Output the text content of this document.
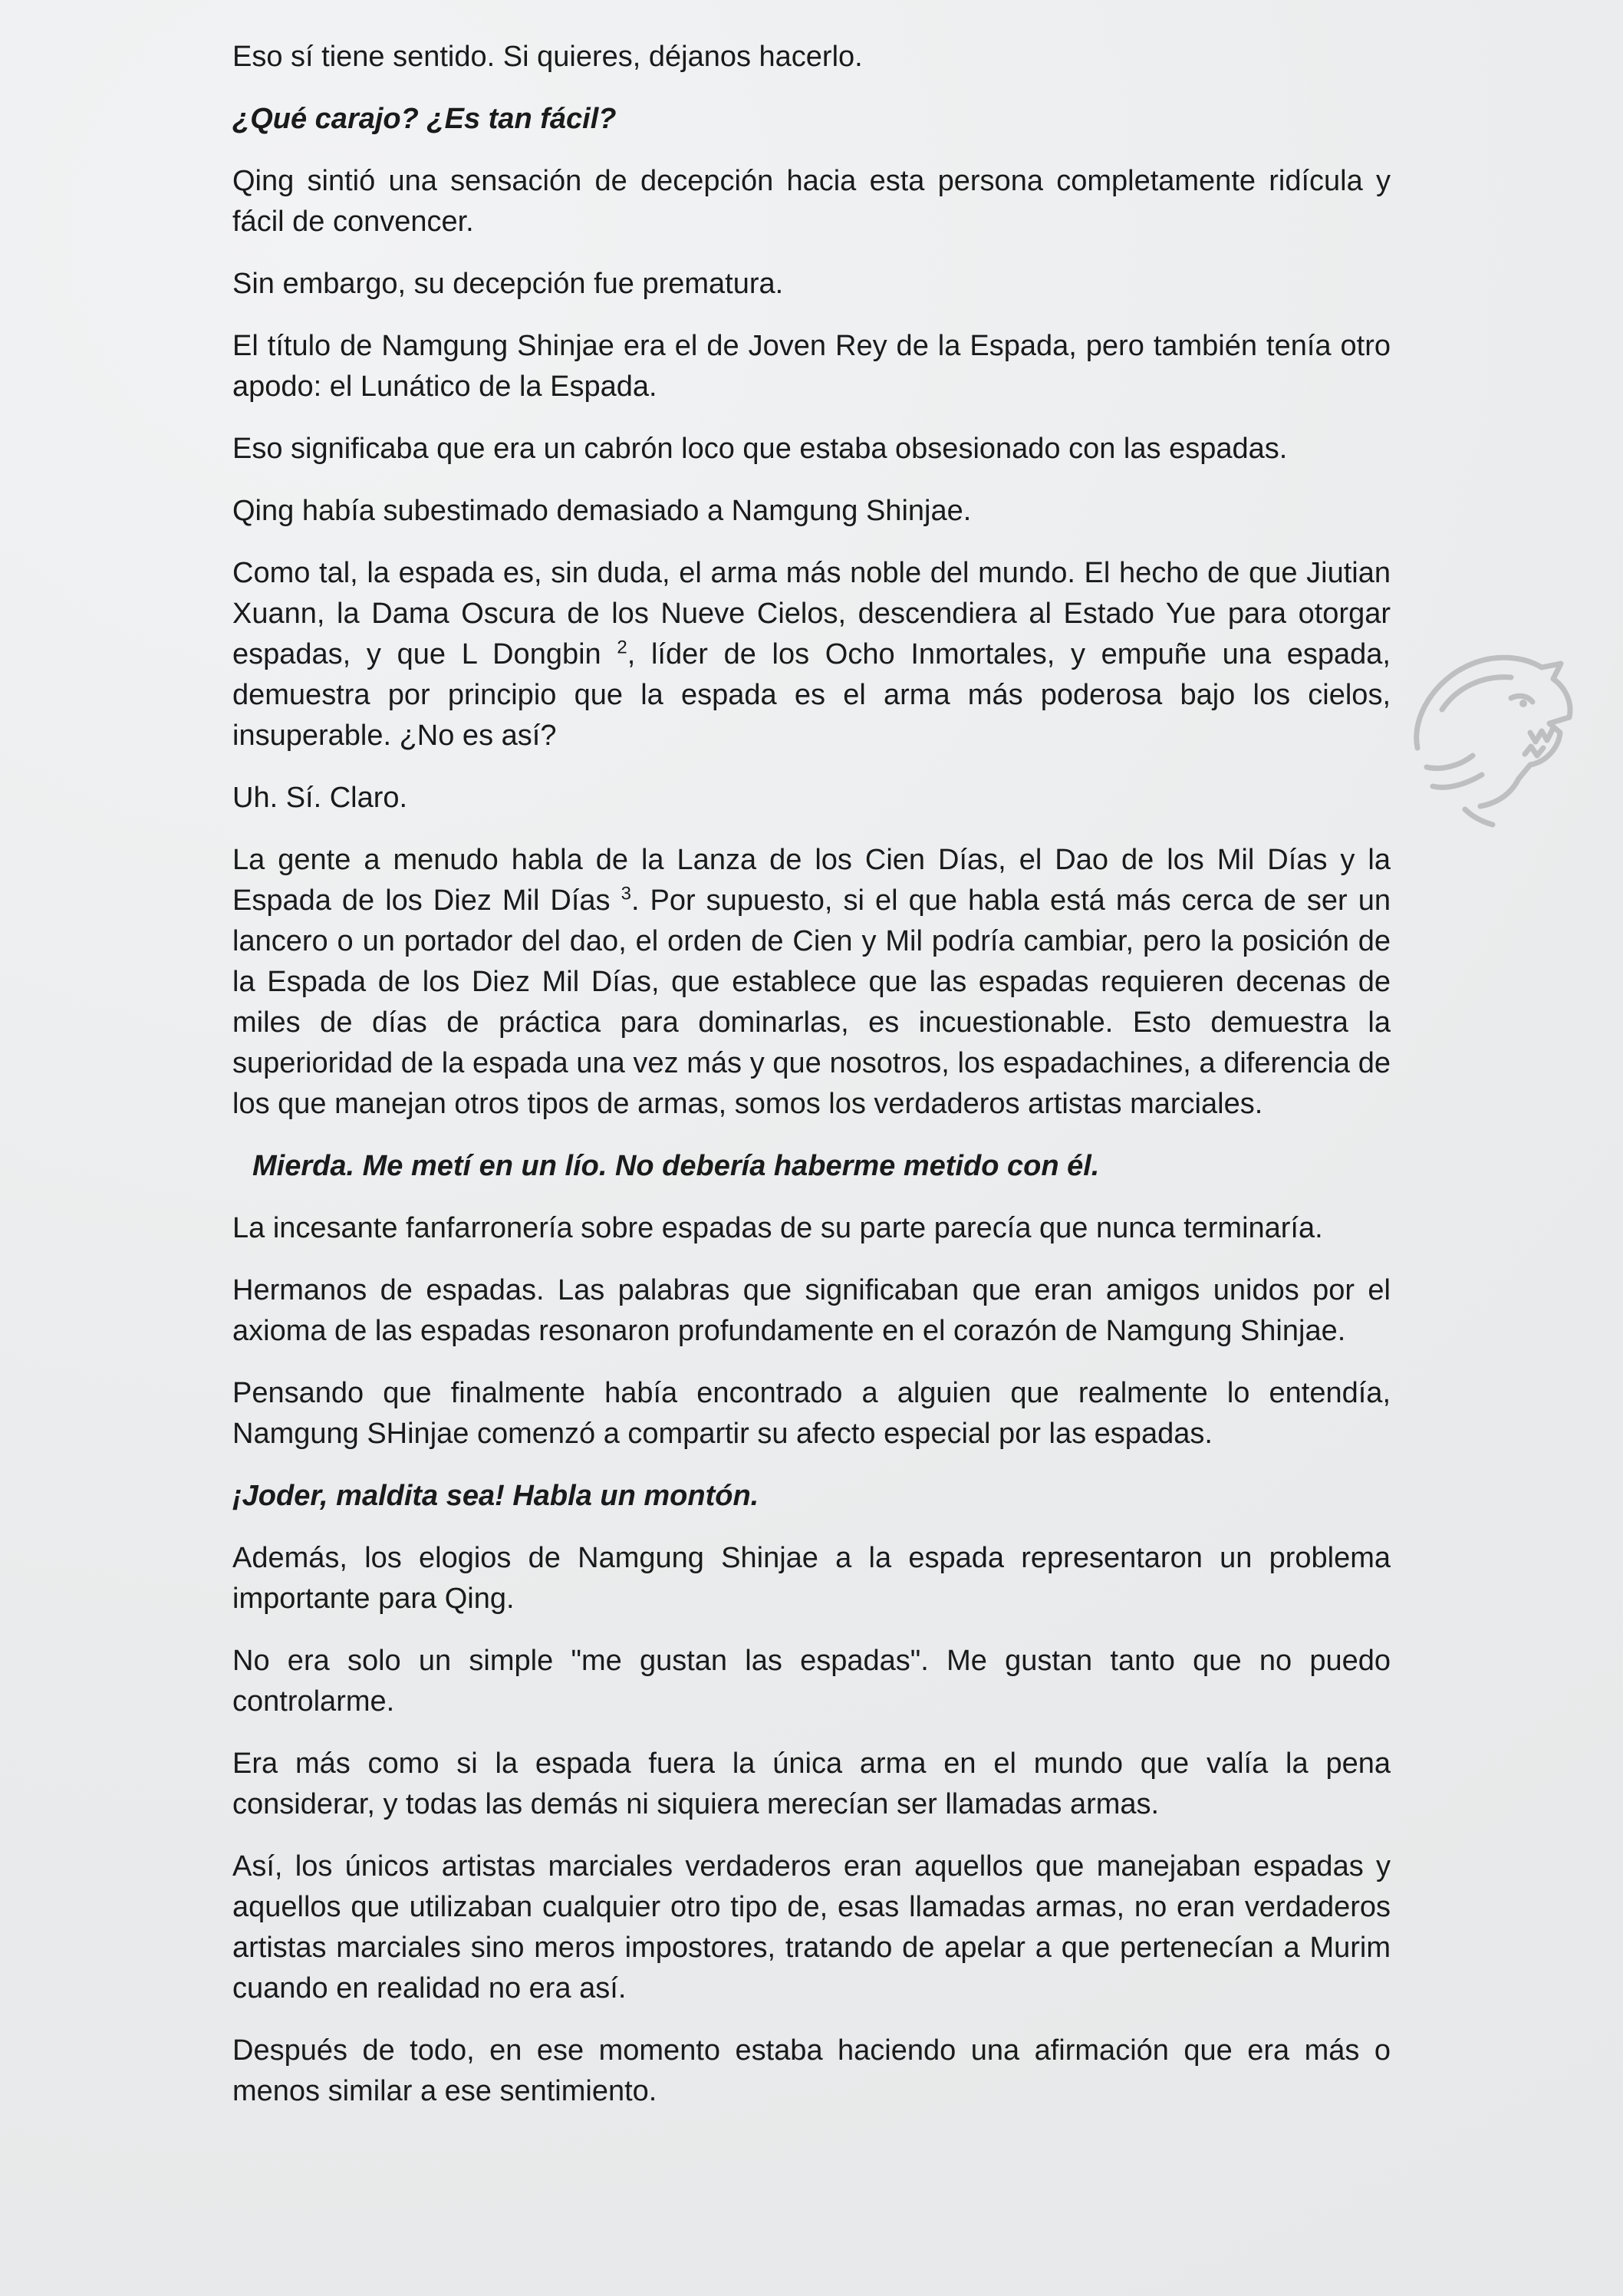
Eso sí tiene sentido. Si quieres, déjanos hacerlo.

¿Qué carajo? ¿Es tan fácil?

Qing sintió una sensación de decepción hacia esta persona completamente ridícula y fácil de convencer.

Sin embargo, su decepción fue prematura.

El título de Namgung Shinjae era el de Joven Rey de la Espada, pero también tenía otro apodo: el Lunático de la Espada.

Eso significaba que era un cabrón loco que estaba obsesionado con las espadas.

Qing había subestimado demasiado a Namgung Shinjae.

Como tal, la espada es, sin duda, el arma más noble del mundo. El hecho de que Jiutian Xuann, la Dama Oscura de los Nueve Cielos, descendiera al Estado Yue para otorgar espadas, y que L Dongbin $^2$, líder de los Ocho Inmortales, y empuñe una espada, demuestra por principio que la espada es el arma más poderosa bajo los cielos, insuperable. ¿No es así?

Uh. Sí. Claro.

La gente a menudo habla de la Lanza de los Cien Días, el Dao de los Mil Días y la Espada de los Diez Mil Días $^3$. Por supuesto, si el que habla está más cerca de ser un lancero o un portador del dao, el orden de Cien y Mil podría cambiar, pero la posición de la Espada de los Diez Mil Días, que establece que las espadas requieren decenas de miles de días de práctica para dominarlas, es incuestionable. Esto demuestra la superioridad de la espada una vez más y que nosotros, los espadachines, a diferencia de los que manejan otros tipos de armas, somos los verdaderos artistas marciales.

Mierda. Me metí en un lío. No debería haberme metido con él.

La incesante fanfarronería sobre espadas de su parte parecía que nunca terminaría.

Hermanos de espadas. Las palabras que significaban que eran amigos unidos por el axioma de las espadas resonaron profundamente en el corazón de Namgung Shinjae.

Pensando que finalmente había encontrado a alguien que realmente lo entendía, Namgung SHinjae comenzó a compartir su afecto especial por las espadas.

¡Joder, maldita sea! Habla un montón.

Además, los elogios de Namgung Shinjae a la espada representaron un problema importante para Qing.

No era solo un simple "me gustan las espadas". Me gustan tanto que no puedo controlarme.

Era más como si la espada fuera la única arma en el mundo que valía la pena considerar, y todas las demás ni siquiera merecían ser llamadas armas.

Así, los únicos artistas marciales verdaderos eran aquellos que manejaban espadas y aquellos que utilizaban cualquier otro tipo de, esas llamadas armas, no eran verdaderos artistas marciales sino meros impostores, tratando de apelar a que pertenecían a Murim cuando en realidad no era así.

Después de todo, en ese momento estaba haciendo una afirmación que era más o menos similar a ese sentimiento.
